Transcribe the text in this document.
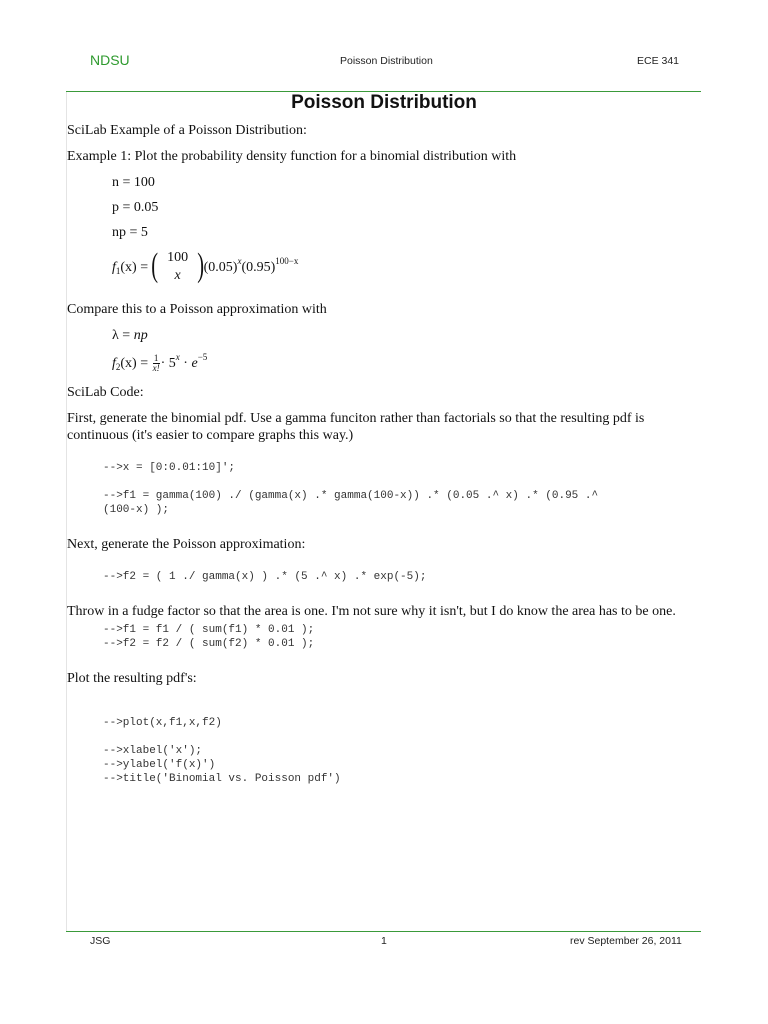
NDSU	Poisson Distribution	ECE 341
Poisson Distribution
SciLab Example of a Poisson Distribution:
Example 1: Plot the probability density function for a binomial distribution with
n = 100
p = 0.05
np = 5
$f_1(x)$ = ( 100
x ) $(0.05)^x(0.95)^{100-x}$
Compare this to a Poisson approximation with
λ = np
$f_2(x) = \frac{1}{x!} \cdot 5^x \cdot e^{-5}$
SciLab Code:
First, generate the binomial pdf. Use a gamma funciton rather than factorials so that the resulting pdf is continuous (it's easier to compare graphs this way.)
-->x = [0:0.01:10]';

-->f1 = gamma(100) ./ (gamma(x) .* gamma(100-x)) .* (0.05 .^ x) .* (0.95 .^
(100-x) );
Next, generate the Poisson approximation:
-->f2 = ( 1 ./ gamma(x) ) .* (5 .^ x) .* exp(-5);
Throw in a fudge factor so that the area is one. I'm not sure why it isn't, but I do know the area has to be one.
-->f1 = f1 / ( sum(f1) * 0.01 );
-->f2 = f2 / ( sum(f2) * 0.01 );
Plot the resulting pdf's:
-->plot(x,f1,x,f2)

-->xlabel('x');
-->ylabel('f(x)')
-->title('Binomial vs. Poisson pdf')
JSG	1	rev September 26, 2011
